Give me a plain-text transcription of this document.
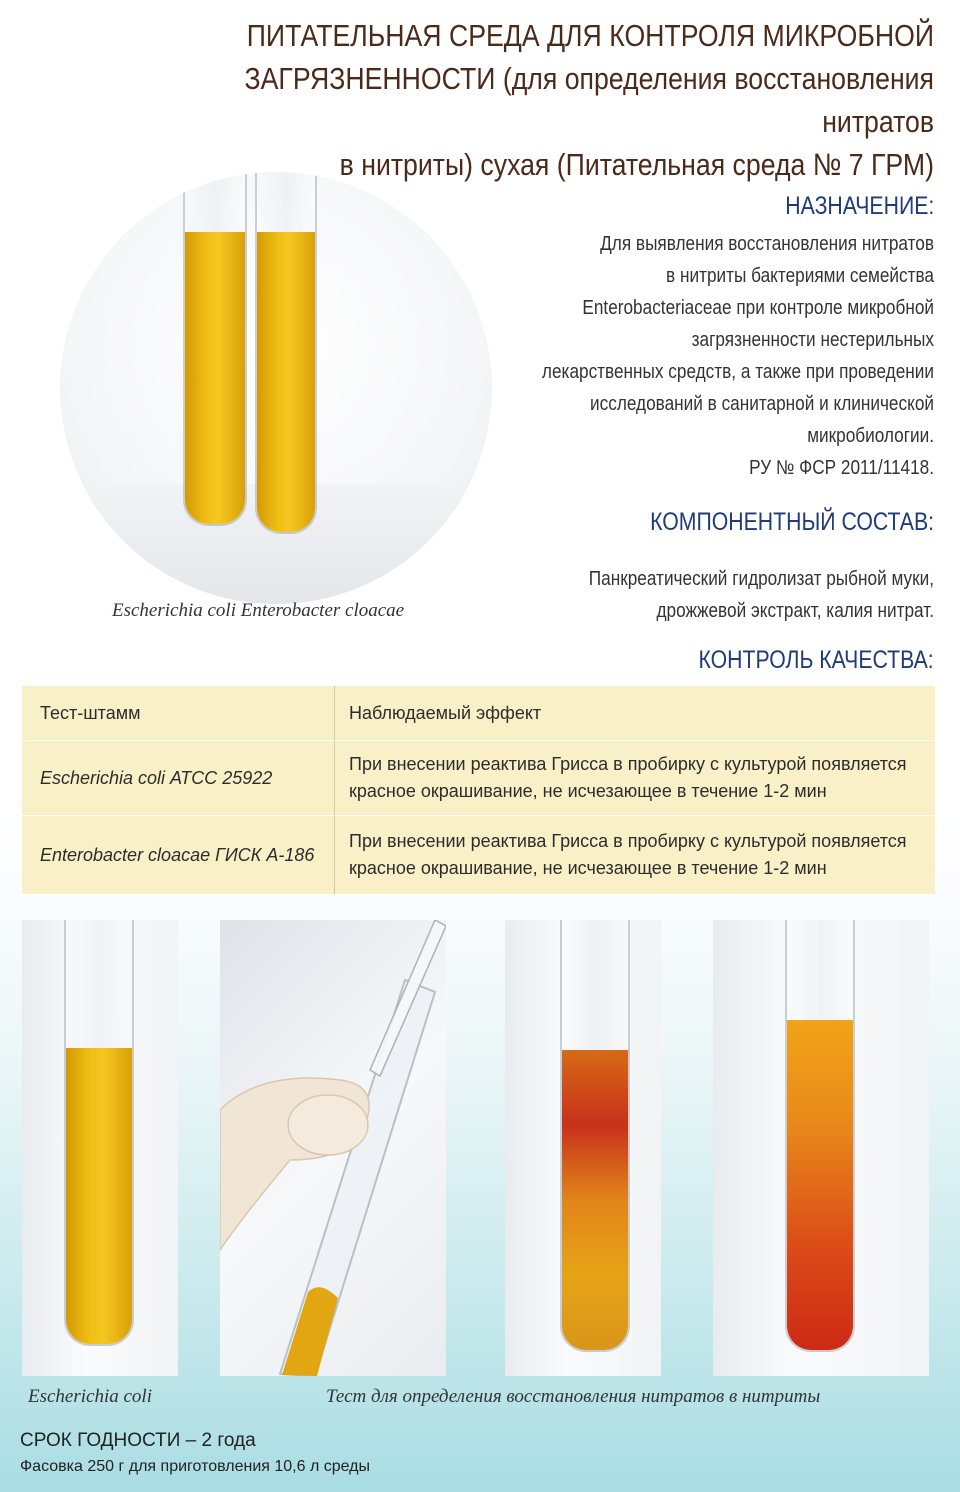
ПИТАТЕЛЬНАЯ СРЕДА ДЛЯ КОНТРОЛЯ МИКРОБНОЙ
ЗАГРЯЗНЕННОСТИ (для определения восстановления нитратов
в нитриты) сухая (Питательная среда № 7 ГРМ)
Escherichia coli Enterobacter cloacae
НАЗНАЧЕНИЕ:
Для выявления восстановления нитратов
в нитриты бактериями семейства
Enterobacteriaceae при контроле микробной
загрязненности нестерильных
лекарственных средств, а также при проведении
исследований в санитарной и клинической
микробиологии.
РУ № ФСР 2011/11418.
КОМПОНЕНТНЫЙ СОСТАВ:
Панкреатический гидролизат рыбной муки,
дрожжевой экстракт, калия нитрат.
КОНТРОЛЬ КАЧЕСТВА:
Тест-штамм	Наблюдаемый эффект
Escherichia coli АТСС 25922	При внесении реактива Грисса в пробирку с культурой появляется
красное окрашивание, не исчезающее в течение 1-2 мин

Enterobacter cloacae ГИСК А-186	При внесении реактива Грисса в пробирку с культурой появляется
красное окрашивание, не исчезающее в течение 1-2 мин
Escherichia coli	Тест для определения восстановления нитратов в нитриты
СРОК ГОДНОСТИ – 2 года
Фасовка 250 г для приготовления 10,6 л среды
